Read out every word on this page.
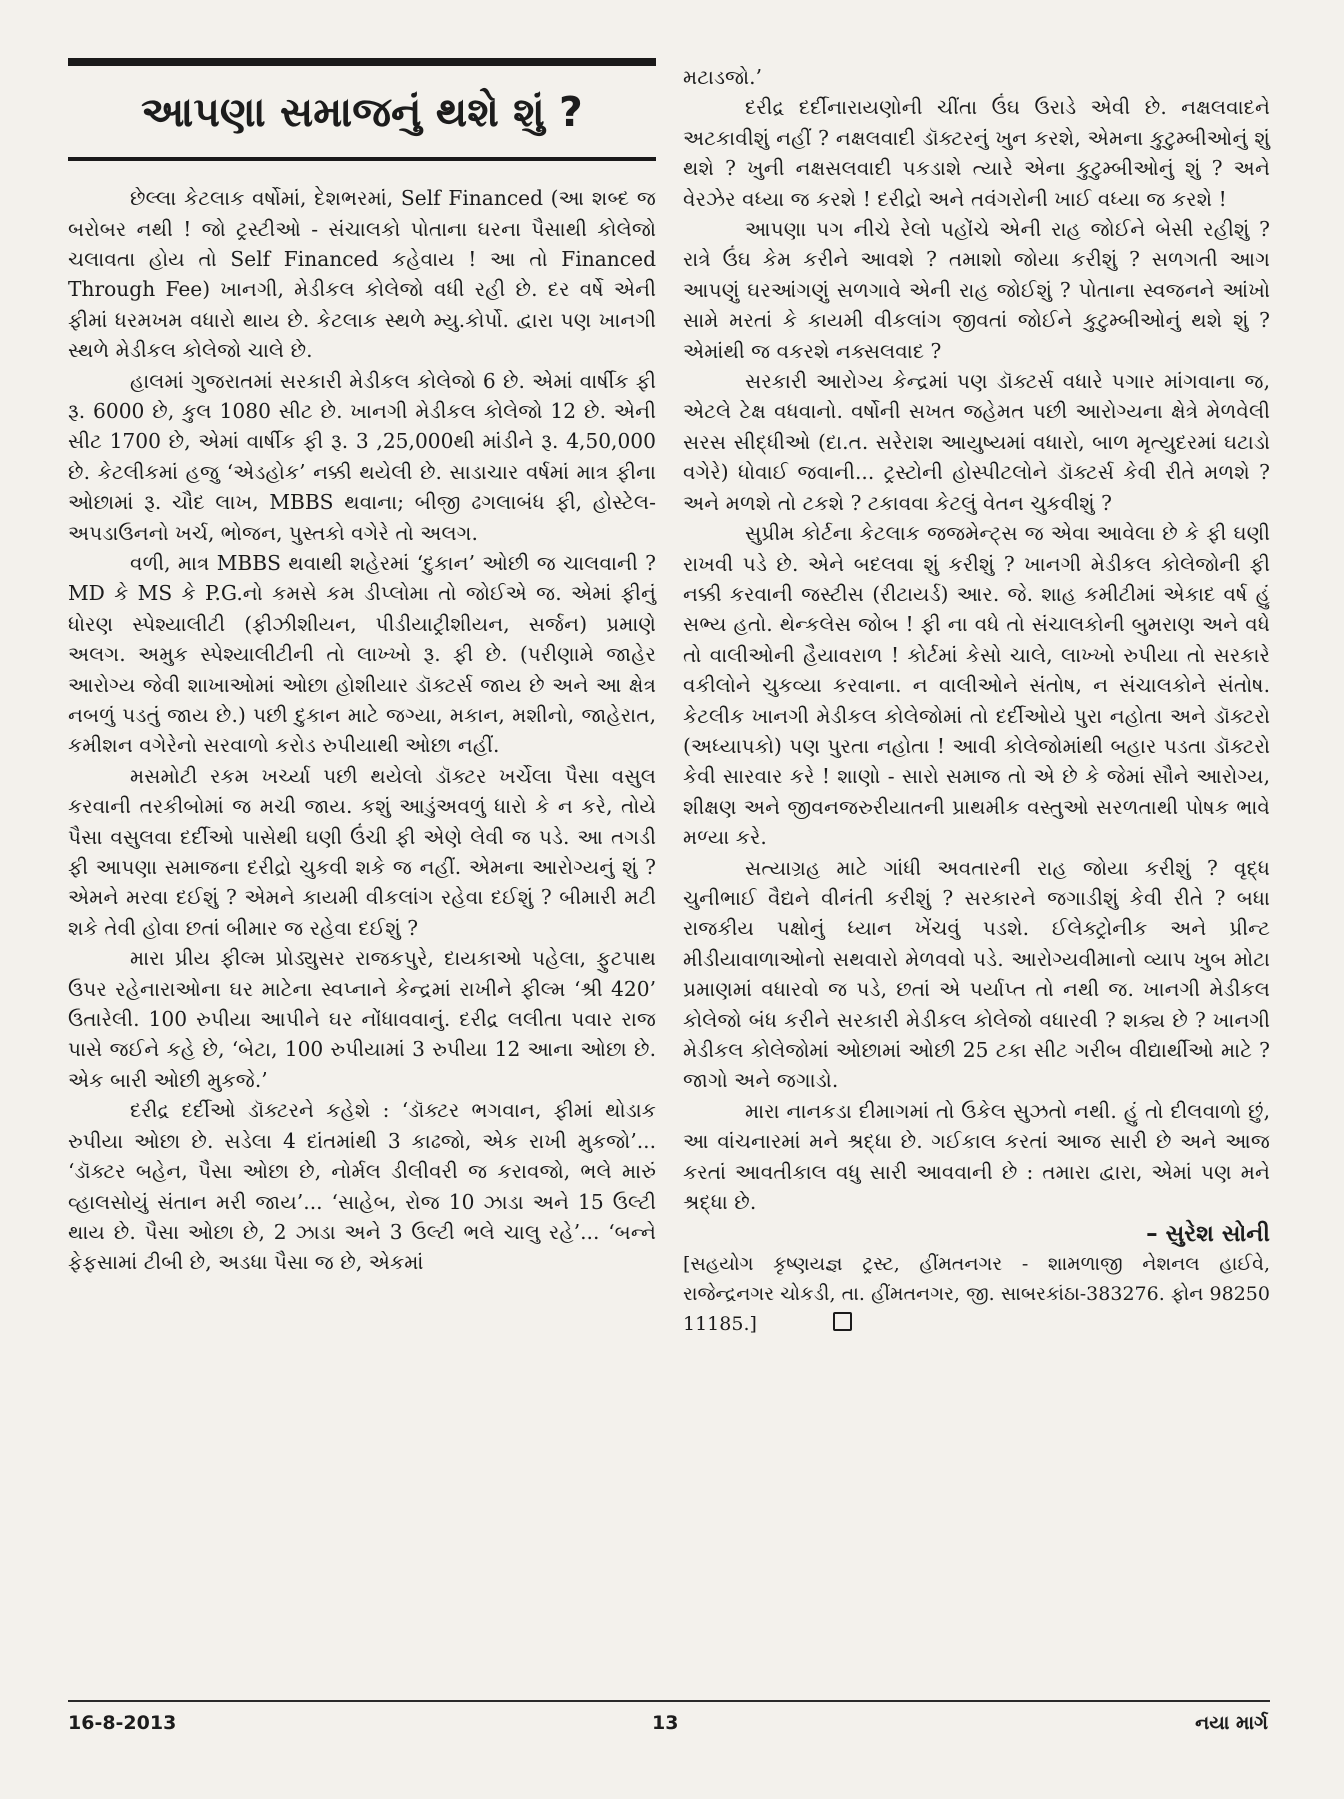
આપણા સમાજનું થશે શું ?

છેલ્લા કેટલાક વર્ષોમાં, દેશભરમાં, Self Financed (આ શબ્દ જ બરોબર નથી ! જો ટ્રસ્ટીઓ - સંચાલકો પોતાના ઘરના પૈસાથી કોલેજો ચલાવતા હોય તો Self Financed કહેવાય ! આ તો Financed Through Fee) ખાનગી, મેડીકલ કોલેજો વધી રહી છે. દર વર્ષે એની ફીમાં ધરમખમ વધારો થાય છે. કેટલાક સ્થળે મ્યુ.કોર્પો. દ્વારા પણ ખાનગી સ્થળે મેડીકલ કોલેજો ચાલે છે.

હાલમાં ગુજરાતમાં સરકારી મેડીકલ કોલેજો 6 છે. એમાં વાર્ષીક ફી રૂ. 6000 છે, કુલ 1080 સીટ છે. ખાનગી મેડીકલ કોલેજો 12 છે. એની સીટ 1700 છે, એમાં વાર્ષીક ફી રૂ. 3 ,25,000થી માંડીને રૂ. 4,50,000 છે. કેટલીકમાં હજુ ‘એડહોક’ નક્કી થયેલી છે. સાડાચાર વર્ષમાં માત્ર ફીના ઓછામાં રૂ. ચૌદ લાખ, MBBS થવાના; બીજી ઢગલાબંધ ફી, હોસ્ટેલ- અપડાઉનનો ખર્ચ, ભોજન, પુસ્તકો વગેરે તો અલગ.

વળી, માત્ર MBBS થવાથી શહેરમાં ‘દુકાન’ ઓછી જ ચાલવાની ? MD કે MS કે P.G.નો કમસે કમ ડીપ્લોમા તો જોઈએ જ. એમાં ફીનું ધોરણ સ્પેશ્યાલીટી (ફીઝીશીયન, પીડીયાટ્રીશીયન, સર્જન) પ્રમાણે અલગ. અમુક સ્પેશ્યાલીટીની તો લાખ્ખો રૂ. ફી છે. (પરીણામે જાહેર આરોગ્ય જેવી શાખાઓમાં ઓછા હોશીયાર ડૉક્ટર્સ જાય છે અને આ ક્ષેત્ર નબળું પડતું જાય છે.) પછી દુકાન માટે જગ્યા, મકાન, મશીનો, જાહેરાત, કમીશન વગેરેનો સરવાળો કરોડ રુપીયાથી ઓછા નહીં.

મસમોટી રકમ ખર્ચ્યા પછી થયેલો ડૉક્ટર ખર્ચેલા પૈસા વસુલ કરવાની તરકીબોમાં જ મચી જાય. કશું આડુંઅવળું ધારો કે ન કરે, તોયે પૈસા વસુલવા દર્દીઓ પાસેથી ઘણી ઉંચી ફી એણે લેવી જ પડે. આ તગડી ફી આપણા સમાજના દરીદ્રો ચુકવી શકે જ નહીં. એમના આરોગ્યનું શું ? એમને મરવા દઈશું ? એમને કાયમી વીકલાંગ રહેવા દઈશું ? બીમારી મટી શકે તેવી હોવા છતાં બીમાર જ રહેવા દઈશું ?

મારા પ્રીય ફીલ્મ પ્રોડ્યુસર રાજકપુરે, દાયકાઓ પહેલા, ફુટપાથ ઉપર રહેનારાઓના ઘર માટેના સ્વપ્નાને કેન્દ્રમાં રાખીને ફીલ્મ ‘શ્રી 420’ ઉતારેલી. 100 રુપીયા આપીને ઘર નોંધાવવાનું. દરીદ્ર લલીતા પવાર રાજ પાસે જઈને કહે છે, ‘બેટા, 100 રુપીયામાં 3 રુપીયા 12 આના ઓછા છે. એક બારી ઓછી મુકજે.’

દરીદ્ર દર્દીઓ ડૉક્ટરને કહેશે : ‘ડૉક્ટર ભગવાન, ફીમાં થોડાક રુપીયા ઓછા છે. સડેલા 4 દાંતમાંથી 3 કાઢજો, એક રાખી મુકજો’... ‘ડૉક્ટર બહેન, પૈસા ઓછા છે, નોર્મલ ડીલીવરી જ કરાવજો, ભલે મારું વ્હાલસોયું સંતાન મરી જાય’... ‘સાહેબ, રોજ 10 ઝાડા અને 15 ઉલ્ટી થાય છે. પૈસા ઓછા છે, 2 ઝાડા અને 3 ઉલ્ટી ભલે ચાલુ રહે’... ‘બન્ને ફેફસામાં ટીબી છે, અડધા પૈસા જ છે, એકમાં

મટાડજો.’

દરીદ્ર દર્દીનારાયણોની ચીંતા ઉંઘ ઉરાડે એવી છે. નક્ષલવાદને અટકાવીશું નહીં ? નક્ષલવાદી ડૉક્ટરનું ખુન કરશે, એમના કુટુમ્બીઓનું શું થશે ? ખુની નક્ષસલવાદી પકડાશે ત્યારે એના કુટુમ્બીઓનું શું ? અને વેરઝેર વધ્યા જ કરશે ! દરીદ્રો અને તવંગરોની ખાઈ વધ્યા જ કરશે !

આપણા પગ નીચે રેલો પહોંચે એની રાહ જોઈને બેસી રહીશું ? રાત્રે ઉંઘ કેમ કરીને આવશે ? તમાશો જોયા કરીશું ? સળગતી આગ આપણું ઘરઆંગણું સળગાવે એની રાહ જોઈશું ? પોતાના સ્વજનને આંખો સામે મરતાં કે કાયમી વીકલાંગ જીવતાં જોઈને કુટુમ્બીઓનું થશે શું ? એમાંથી જ વકરશે નક્સલવાદ ?

સરકારી આરોગ્ય કેન્દ્રમાં પણ ડૉક્ટર્સ વધારે પગાર માંગવાના જ, એટલે ટેક્ષ વધવાનો. વર્ષોની સખત જહેમત પછી આરોગ્યના ક્ષેત્રે મેળવેલી સરસ સીદ્ધીઓ (દા.ત. સરેરાશ આયુષ્યમાં વધારો, બાળ મૃત્યુદરમાં ઘટાડો વગેરે) ધોવાઈ જવાની... ટ્રસ્ટોની હોસ્પીટલોને ડૉક્ટર્સ કેવી રીતે મળશે ? અને મળશે તો ટકશે ? ટકાવવા કેટલું વેતન ચુકવીશું ?

સુપ્રીમ કોર્ટના કેટલાક જજમેન્ટ્સ જ એવા આવેલા છે કે ફી ઘણી રાખવી પડે છે. એને બદલવા શું કરીશું ? ખાનગી મેડીકલ કોલેજોની ફી નક્કી કરવાની જસ્ટીસ (રીટાયર્ડ) આર. જે. શાહ કમીટીમાં એકાદ વર્ષ હું સભ્ય હતો. થેન્કલેસ જોબ ! ફી ના વધે તો સંચાલકોની બુમરાણ અને વધે તો વાલીઓની હૈયાવરાળ ! કોર્ટમાં કેસો ચાલે, લાખ્ખો રુપીયા તો સરકારે વકીલોને ચુકવ્યા કરવાના. ન વાલીઓને સંતોષ, ન સંચાલકોને સંતોષ. કેટલીક ખાનગી મેડીકલ કોલેજોમાં તો દર્દીઓયે પુરા નહોતા અને ડૉક્ટરો (અધ્યાપકો) પણ પુરતા નહોતા ! આવી કોલેજોમાંથી બહાર પડતા ડૉક્ટરો કેવી સારવાર કરે ! શાણો - સારો સમાજ તો એ છે કે જેમાં સૌને આરોગ્ય, શીક્ષણ અને જીવનજરુરીયાતની પ્રાથમીક વસ્તુઓ સરળતાથી પોષક ભાવે મળ્યા કરે.

સત્યાગ્રહ માટે ગાંધી અવતારની રાહ જોયા કરીશું ? વૃદ્ધ ચુનીભાઈ વૈદ્યને વીનંતી કરીશું ? સરકારને જગાડીશું કેવી રીતે ? બધા રાજકીય પક્ષોનું ધ્યાન ખેંચવું પડશે. ઈલેક્ટ્રોનીક અને પ્રીન્ટ મીડીયાવાળાઓનો સથવારો મેળવવો પડે. આરોગ્યવીમાનો વ્યાપ ખુબ મોટા પ્રમાણમાં વધારવો જ પડે, છતાં એ પર્યાપ્ત તો નથી જ. ખાનગી મેડીકલ કોલેજો બંધ કરીને સરકારી મેડીકલ કોલેજો વધારવી ? શક્ય છે ? ખાનગી મેડીકલ કોલેજોમાં ઓછામાં ઓછી 25 ટકા સીટ ગરીબ વીદ્યાર્થીઓ માટે ? જાગો અને જગાડો.

મારા નાનકડા દીમાગમાં તો ઉકેલ સુઝતો નથી. હું તો દીલવાળો છું, આ વાંચનારમાં મને શ્રદ્ધા છે. ગઈકાલ કરતાં આજ સારી છે અને આજ કરતાં આવતીકાલ વધુ સારી આવવાની છે : તમારા દ્વારા, એમાં પણ મને શ્રદ્ધા છે.

– સુરેશ સોની

[સહયોગ કૃષ્ણયજ્ઞ ટ્રસ્ટ, હીંમતનગર - શામળાજી નેશનલ હાઈવે, રાજેન્દ્રનગર ચોકડી, તા. હીંમતનગર, જી. સાબરકાંઠા-383276. ફોન 98250 11185.]

16-8-2013	13	નયા માર્ગ
